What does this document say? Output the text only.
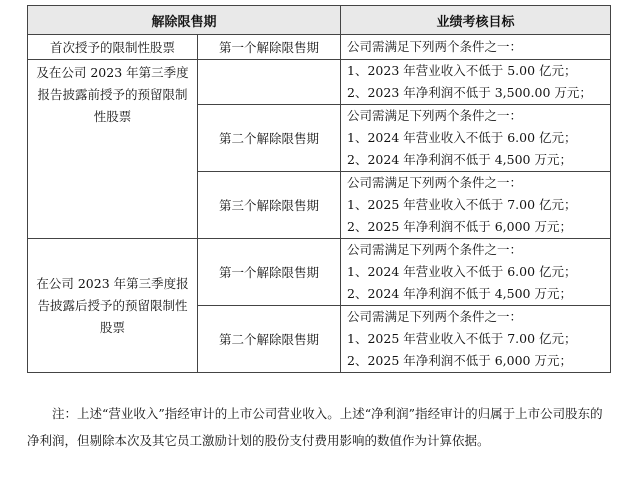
解除限售期		业绩考核目标
首次授予的限制性股票	第一个解除限售期	公司需满足下列两个条件之一：

及在公司 2023 年第三季度报告披露前授予的预留限制性股票		1、2023 年营业收入不低于 5.00 亿元；
2、2023 年净利润不低于 3,500.00 万元；

	第二个解除限售期	公司需满足下列两个条件之一：
1、2024 年营业收入不低于 6.00 亿元；
2、2024 年净利润不低于 4,500 万元；

	第三个解除限售期	公司需满足下列两个条件之一：
1、2025 年营业收入不低于 7.00 亿元；
2、2025 年净利润不低于 6,000 万元；

在公司 2023 年第三季度报告披露后授予的预留限制性股票	第一个解除限售期	公司需满足下列两个条件之一：
1、2024 年营业收入不低于 6.00 亿元；
2、2024 年净利润不低于 4,500 万元；

	第二个解除限售期	公司需满足下列两个条件之一：
1、2025 年营业收入不低于 7.00 亿元；
2、2025 年净利润不低于 6,000 万元；

注：上述“营业收入”指经审计的上市公司营业收入。上述“净利润”指经审计的归属于上市公司股东的净利润，但剔除本次及其它员工激励计划的股份支付费用影响的数值作为计算依据。
